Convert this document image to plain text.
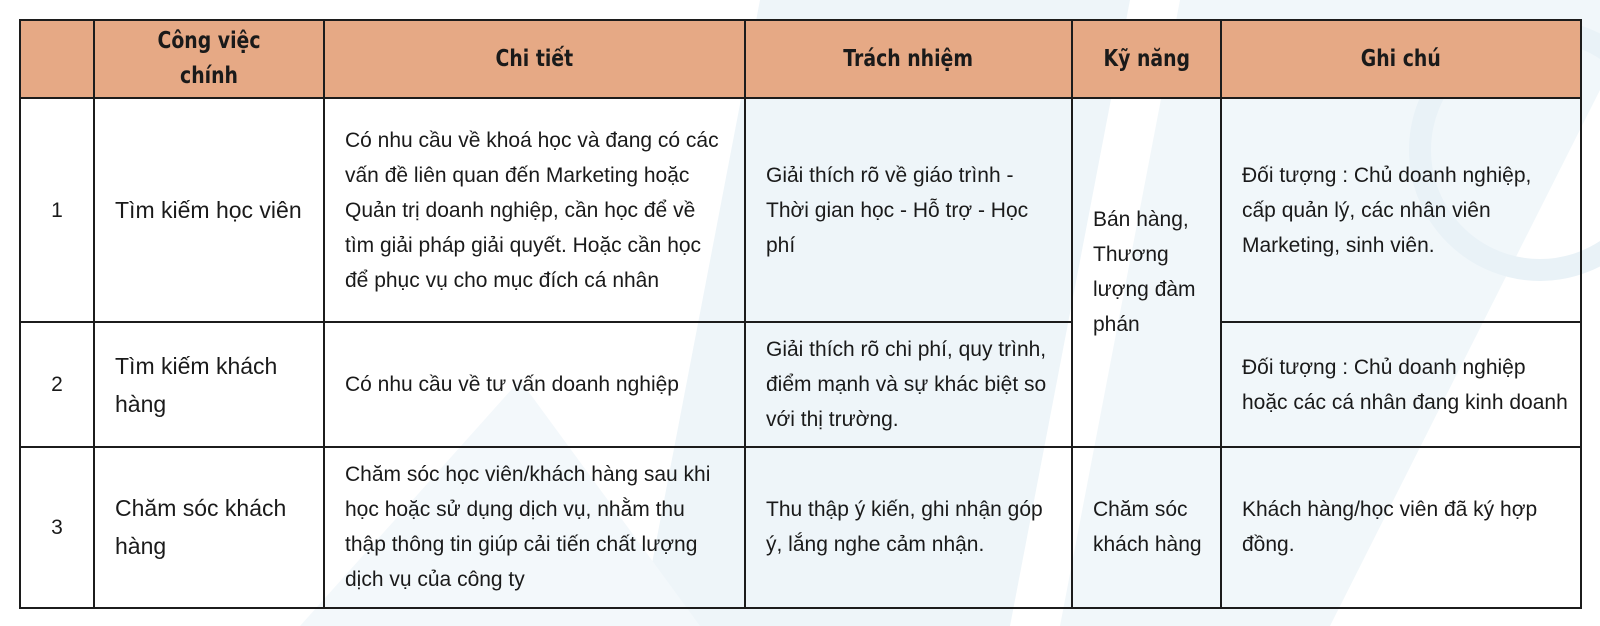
	Công việc chính	Chi tiết	Trách nhiệm	Kỹ năng	Ghi chú
1	Tìm kiếm học viên	Có nhu cầu về khoá học và đang có các vấn đề liên quan đến Marketing hoặc Quản trị doanh nghiệp, cần học để về tìm giải pháp giải quyết. Hoặc cần học để phục vụ cho mục đích cá nhân	Giải thích rõ về giáo trình - Thời gian học - Hỗ trợ - Học phí	Bán hàng, Thương lượng đàm phán	Đối tượng : Chủ doanh nghiệp, cấp quản lý, các nhân viên Marketing, sinh viên.
2	Tìm kiếm khách hàng	Có nhu cầu về tư vấn doanh nghiệp	Giải thích rõ chi phí, quy trình, điểm mạnh và sự khác biệt so với thị trường.		Đối tượng : Chủ doanh nghiệp hoặc các cá nhân đang kinh doanh
3	Chăm sóc khách hàng	Chăm sóc học viên/khách hàng sau khi học hoặc sử dụng dịch vụ, nhằm thu thập thông tin giúp cải tiến chất lượng dịch vụ của công ty	Thu thập ý kiến, ghi nhận góp ý, lắng nghe cảm nhận.	Chăm sóc khách hàng	Khách hàng/học viên đã ký hợp đồng.
